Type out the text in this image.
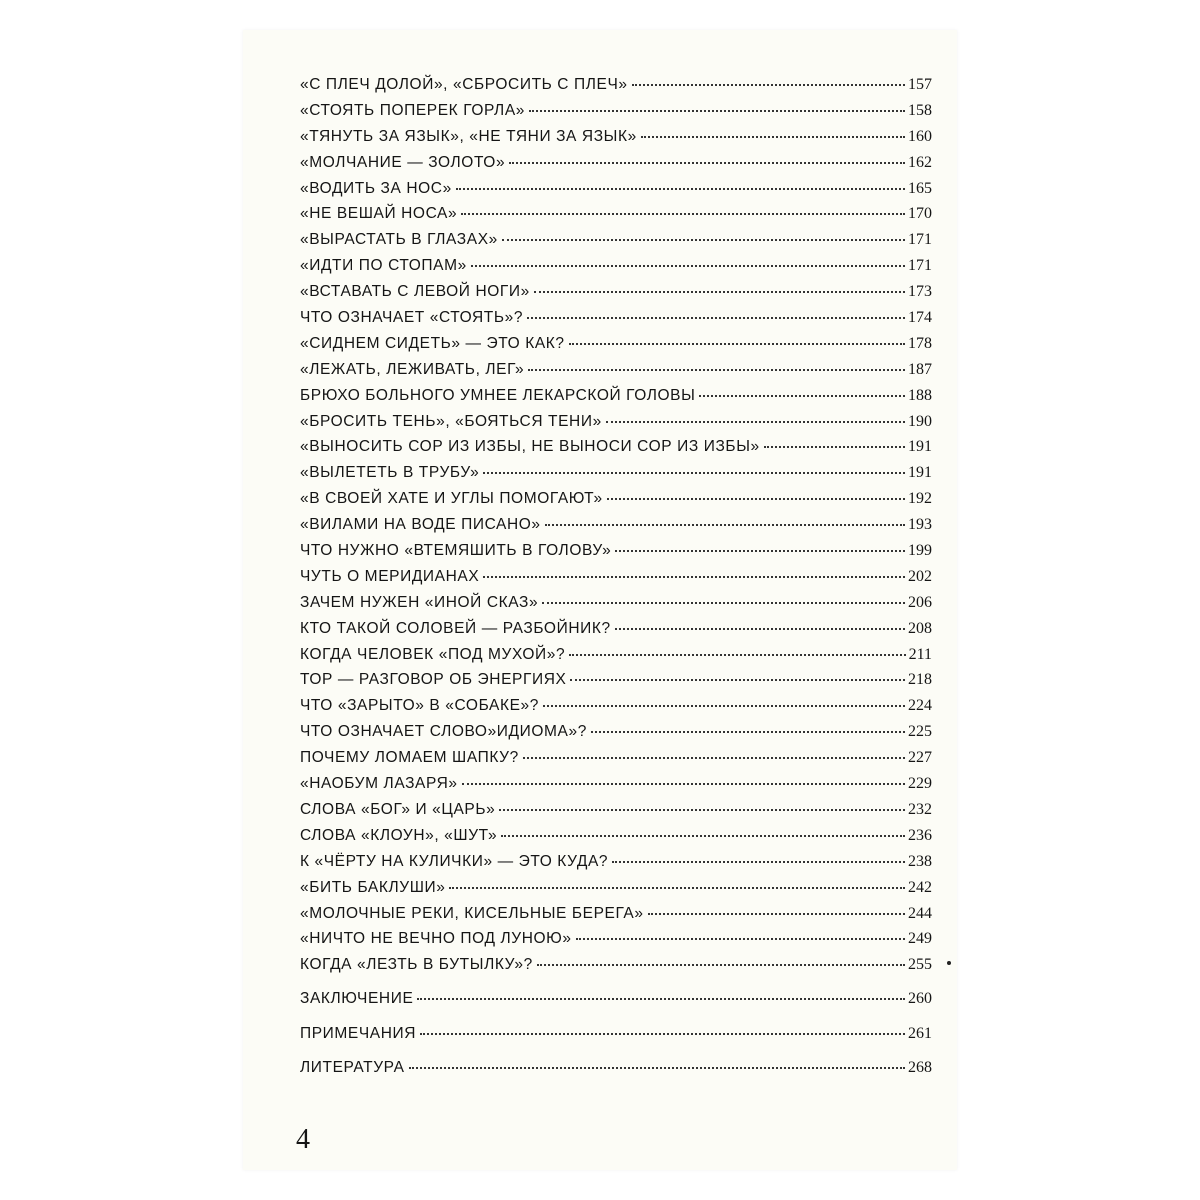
«С ПЛЕЧ ДОЛОЙ», «СБРОСИТЬ С ПЛЕЧ»	157
«СТОЯТЬ ПОПЕРЕК ГОРЛА»	158
«ТЯНУТЬ ЗА ЯЗЫК», «НЕ ТЯНИ ЗА ЯЗЫК»	160
«МОЛЧАНИЕ — ЗОЛОТО»	162
«ВОДИТЬ ЗА НОС»	165
«НЕ ВЕШАЙ НОСА»	170
«ВЫРАСТАТЬ В ГЛАЗАХ»	171
«ИДТИ ПО СТОПАМ»	171
«ВСТАВАТЬ С ЛЕВОЙ НОГИ»	173
ЧТО ОЗНАЧАЕТ «СТОЯТЬ»?	174
«СИДНЕМ СИДЕТЬ» — ЭТО КАК?	178
«ЛЕЖАТЬ, ЛЕЖИВАТЬ, ЛЕГ»	187
БРЮХО БОЛЬНОГО УМНЕЕ ЛЕКАРСКОЙ ГОЛОВЫ	188
«БРОСИТЬ ТЕНЬ», «БОЯТЬСЯ ТЕНИ»	190
«ВЫНОСИТЬ СОР ИЗ ИЗБЫ, НЕ ВЫНОСИ СОР ИЗ ИЗБЫ»	191
«ВЫЛЕТЕТЬ В ТРУБУ»	191
«В СВОЕЙ ХАТЕ И УГЛЫ ПОМОГАЮТ»	192
«ВИЛАМИ НА ВОДЕ ПИСАНО»	193
ЧТО НУЖНО «ВТЕМЯШИТЬ В ГОЛОВУ»	199
ЧУТЬ О МЕРИДИАНАХ	202
ЗАЧЕМ НУЖЕН «ИНОЙ СКАЗ»	206
КТО ТАКОЙ СОЛОВЕЙ — РАЗБОЙНИК?	208
КОГДА ЧЕЛОВЕК «ПОД МУХОЙ»?	211
ТОР — РАЗГОВОР ОБ ЭНЕРГИЯХ	218
ЧТО «ЗАРЫТО» В «СОБАКЕ»?	224
ЧТО ОЗНАЧАЕТ СЛОВО»ИДИОМА»?	225
ПОЧЕМУ ЛОМАЕМ ШАПКУ?	227
«НАОБУМ ЛАЗАРЯ»	229
СЛОВА «БОГ» И «ЦАРЬ»	232
СЛОВА «КЛОУН», «ШУТ»	236
К «ЧЁРТУ НА КУЛИЧКИ» — ЭТО КУДА?	238
«БИТЬ БАКЛУШИ»	242
«МОЛОЧНЫЕ РЕКИ, КИСЕЛЬНЫЕ БЕРЕГА»	244
«НИЧТО НЕ ВЕЧНО ПОД ЛУНОЮ»	249
КОГДА «ЛЕЗТЬ В БУТЫЛКУ»?	255
ЗАКЛЮЧЕНИЕ	260
ПРИМЕЧАНИЯ	261
ЛИТЕРАТУРА	268
4
